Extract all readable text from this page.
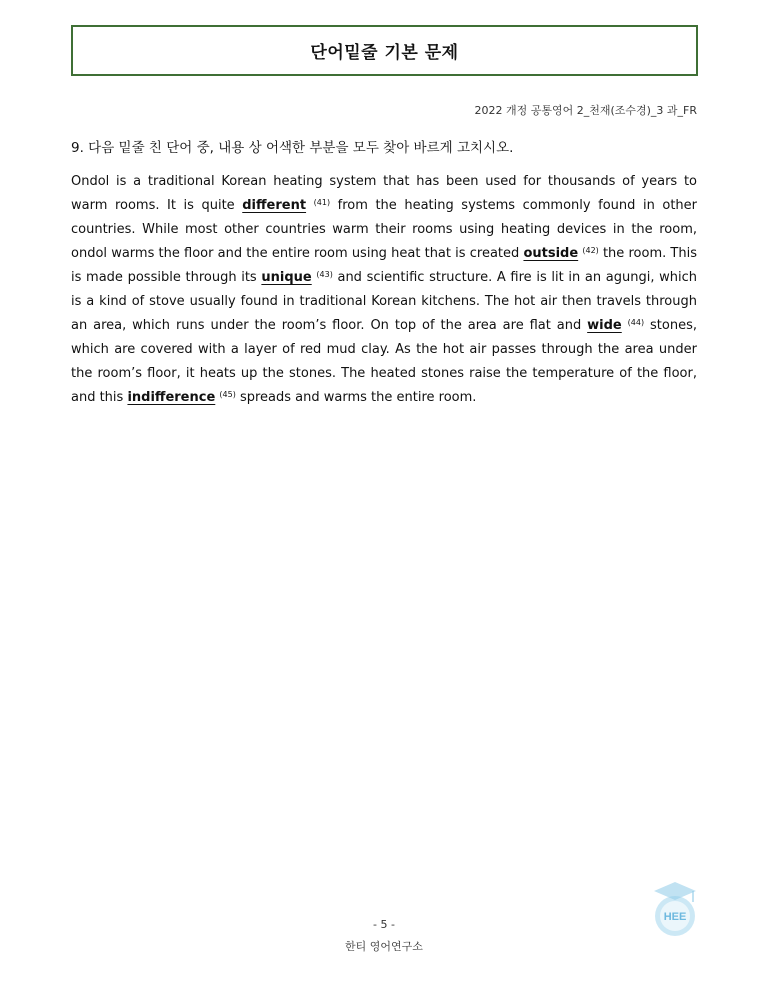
단어밑줄 기본 문제
2022 개정 공통영어 2_천재(조수경)_3 과_FR
9. 다음 밑줄 친 단어 중, 내용 상 어색한 부분을 모두 찾아 바르게 고치시오.
Ondol is a traditional Korean heating system that has been used for thousands of years to warm rooms. It is quite different $^{(41)}$ from the heating systems commonly found in other countries. While most other countries warm their rooms using heating devices in the room, ondol warms the floor and the entire room using heat that is created outside $^{(42)}$ the room. This is made possible through its unique $^{(43)}$ and scientific structure. A fire is lit in an agungi, which is a kind of stove usually found in traditional Korean kitchens. The hot air then travels through an area, which runs under the room’s floor. On top of the area are flat and wide $^{(44)}$ stones, which are covered with a layer of red mud clay. As the hot air passes through the area under the room’s floor, it heats up the stones. The heated stones raise the temperature of the floor, and this indifference $^{(45)}$ spreads and warms the entire room.
- 5 -
한티 영어연구소
HEE
